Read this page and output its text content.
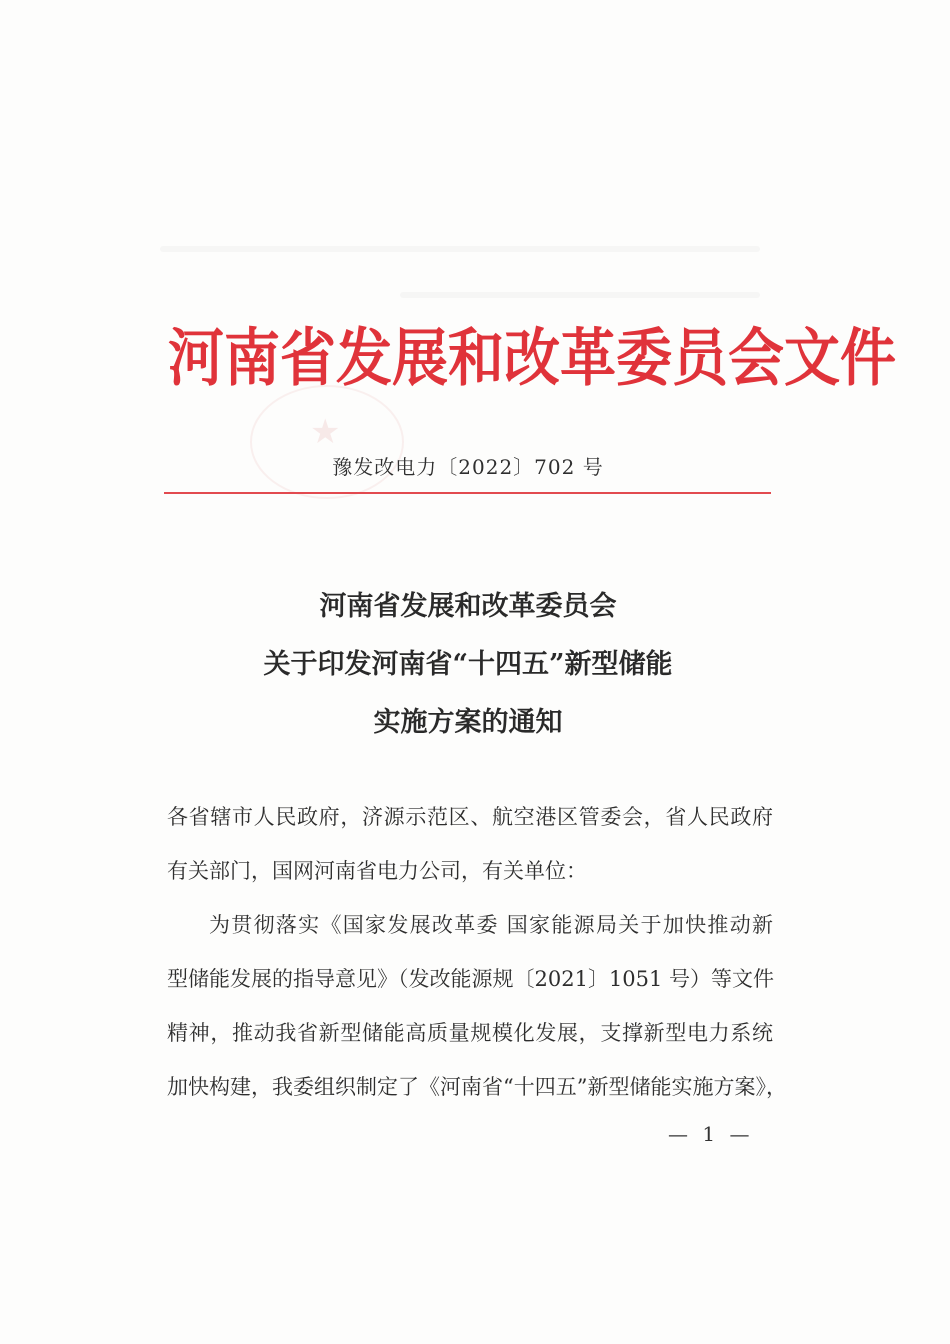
★
河南省发展和改革委员会文件
豫发改电力〔2022〕702 号
河南省发展和改革委员会
关于印发河南省“十四五”新型储能
实施方案的通知
各省辖市人民政府，济源示范区、航空港区管委会，省人民政府
有关部门，国网河南省电力公司，有关单位：
为贯彻落实《国家发展改革委 国家能源局关于加快推动新
型储能发展的指导意见》（发改能源规〔2021〕1051 号）等文件
精神，推动我省新型储能高质量规模化发展，支撑新型电力系统
加快构建，我委组织制定了《河南省“十四五”新型储能实施方案》，
— 1 —
